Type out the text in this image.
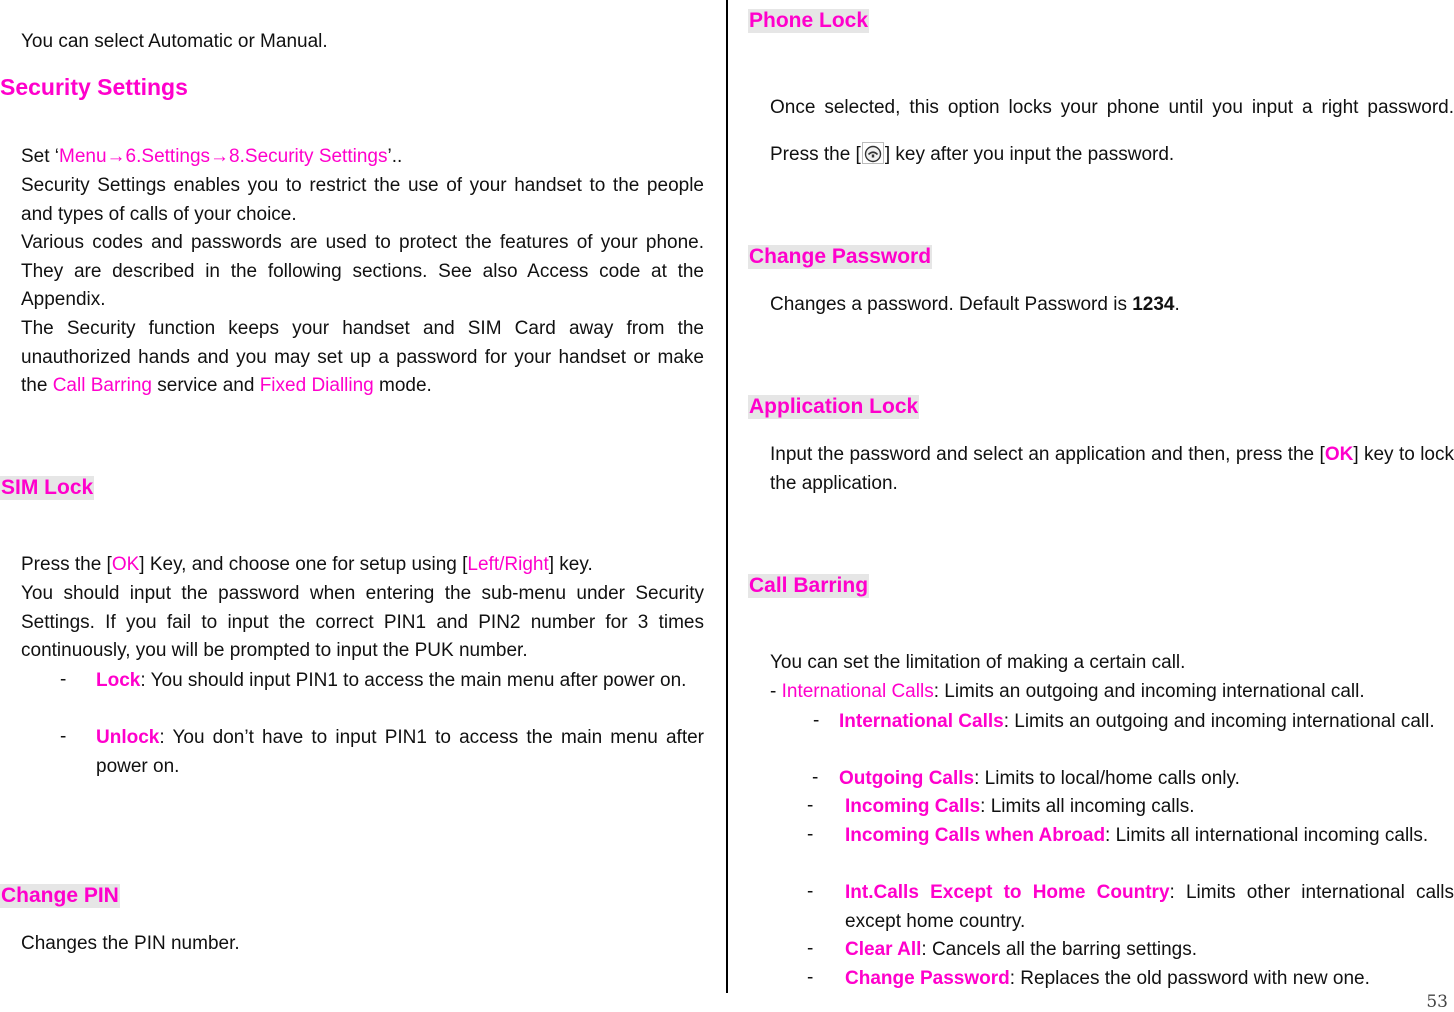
You can select Automatic or Manual.
Security Settings
Set ‘Menu→6.Settings→8.Security Settings’..
Security Settings enables you to restrict the use of your handset to the people and types of calls of your choice.
Various codes and passwords are used to protect the features of your phone. They are described in the following sections. See also Access code at the Appendix.
The Security function keeps your handset and SIM Card away from the unauthorized hands and you may set up a password for your handset or make the Call Barring service and Fixed Dialling mode.
SIM Lock
Press the [OK] Key, and choose one for setup using [Left/Right] key.
You should input the password when entering the sub-menu under Security Settings. If you fail to input the correct PIN1 and PIN2 number for 3 times continuously, you will be prompted to input the PUK number.
- Lock: You should input PIN1 to access the main menu after power on.
- Unlock: You don’t have to input PIN1 to access the main menu after power on.
Change PIN
Changes the PIN number.
Phone Lock
Once selected, this option locks your phone until you input a right password. Press the [ ] key after you input the password.
Change Password
Changes a password. Default Password is 1234.
Application Lock
Input the password and select an application and then, press the [OK] key to lock the application.
Call Barring
You can set the limitation of making a certain call.
- International Calls: Limits an outgoing and incoming international call.
- International Calls: Limits an outgoing and incoming international call.
- Outgoing Calls: Limits to local/home calls only.
- Incoming Calls: Limits all incoming calls.
- Incoming Calls when Abroad: Limits all international incoming calls.
- Int.Calls Except to Home Country: Limits other international calls except home country.
- Clear All: Cancels all the barring settings.
- Change Password: Replaces the old password with new one.
53
